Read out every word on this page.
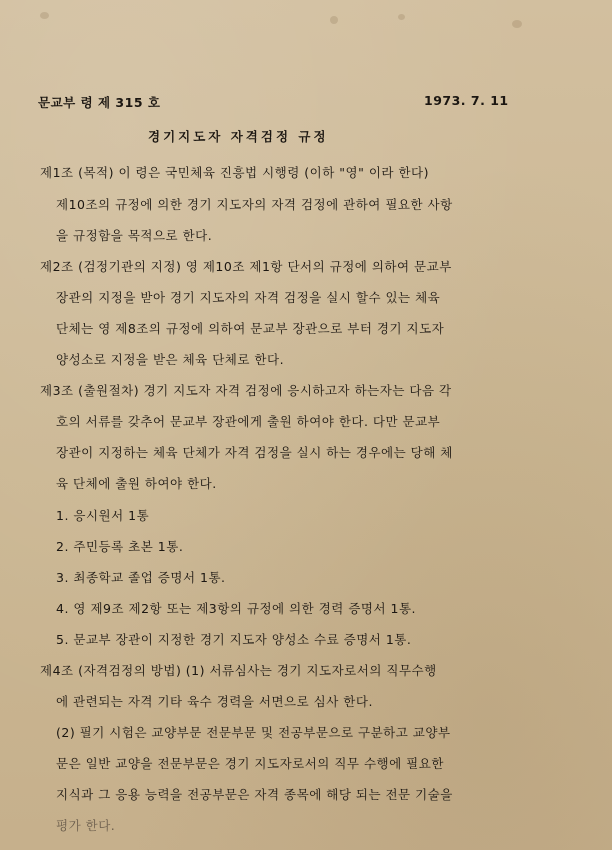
문교부 령 제 315 호	1973. 7. 11
경기지도자 자격검정 규정
제1조 (목적) 이 령은 국민체육 진흥법 시행령 (이하 "영" 이라 한다)
제10조의 규정에 의한 경기 지도자의 자격 검정에 관하여 필요한 사항
을 규정함을 목적으로 한다.
제2조 (검정기관의 지정) 영 제10조 제1항 단서의 규정에 의하여 문교부
장관의 지정을 받아 경기 지도자의 자격 검정을 실시 할수 있는 체육
단체는 영 제8조의 규정에 의하여 문교부 장관으로 부터 경기 지도자
양성소로 지정을 받은 체육 단체로 한다.
제3조 (출원절차) 경기 지도자 자격 검정에 응시하고자 하는자는 다음 각
호의 서류를 갖추어 문교부 장관에게 출원 하여야 한다. 다만 문교부
장관이 지정하는 체육 단체가 자격 검정을 실시 하는 경우에는 당해 체
육 단체에 출원 하여야 한다.
1. 응시원서 1통
2. 주민등록 초본 1통.
3. 최종학교 졸업 증명서 1통.
4. 영 제9조 제2항 또는 제3항의 규정에 의한 경력 증명서 1통.
5. 문교부 장관이 지정한 경기 지도자 양성소 수료 증명서 1통.
제4조 (자격검정의 방법) (1) 서류심사는 경기 지도자로서의 직무수행
에 관련되는 자격 기타 육수 경력을 서면으로 심사 한다.
(2) 필기 시험은 교양부문 전문부문 및 전공부문으로 구분하고 교양부
문은 일반 교양을 전문부문은 경기 지도자로서의 직무 수행에 필요한
지식과 그 응용 능력을 전공부문은 자격 종목에 해당 되는 전문 기술을
평가 한다.
